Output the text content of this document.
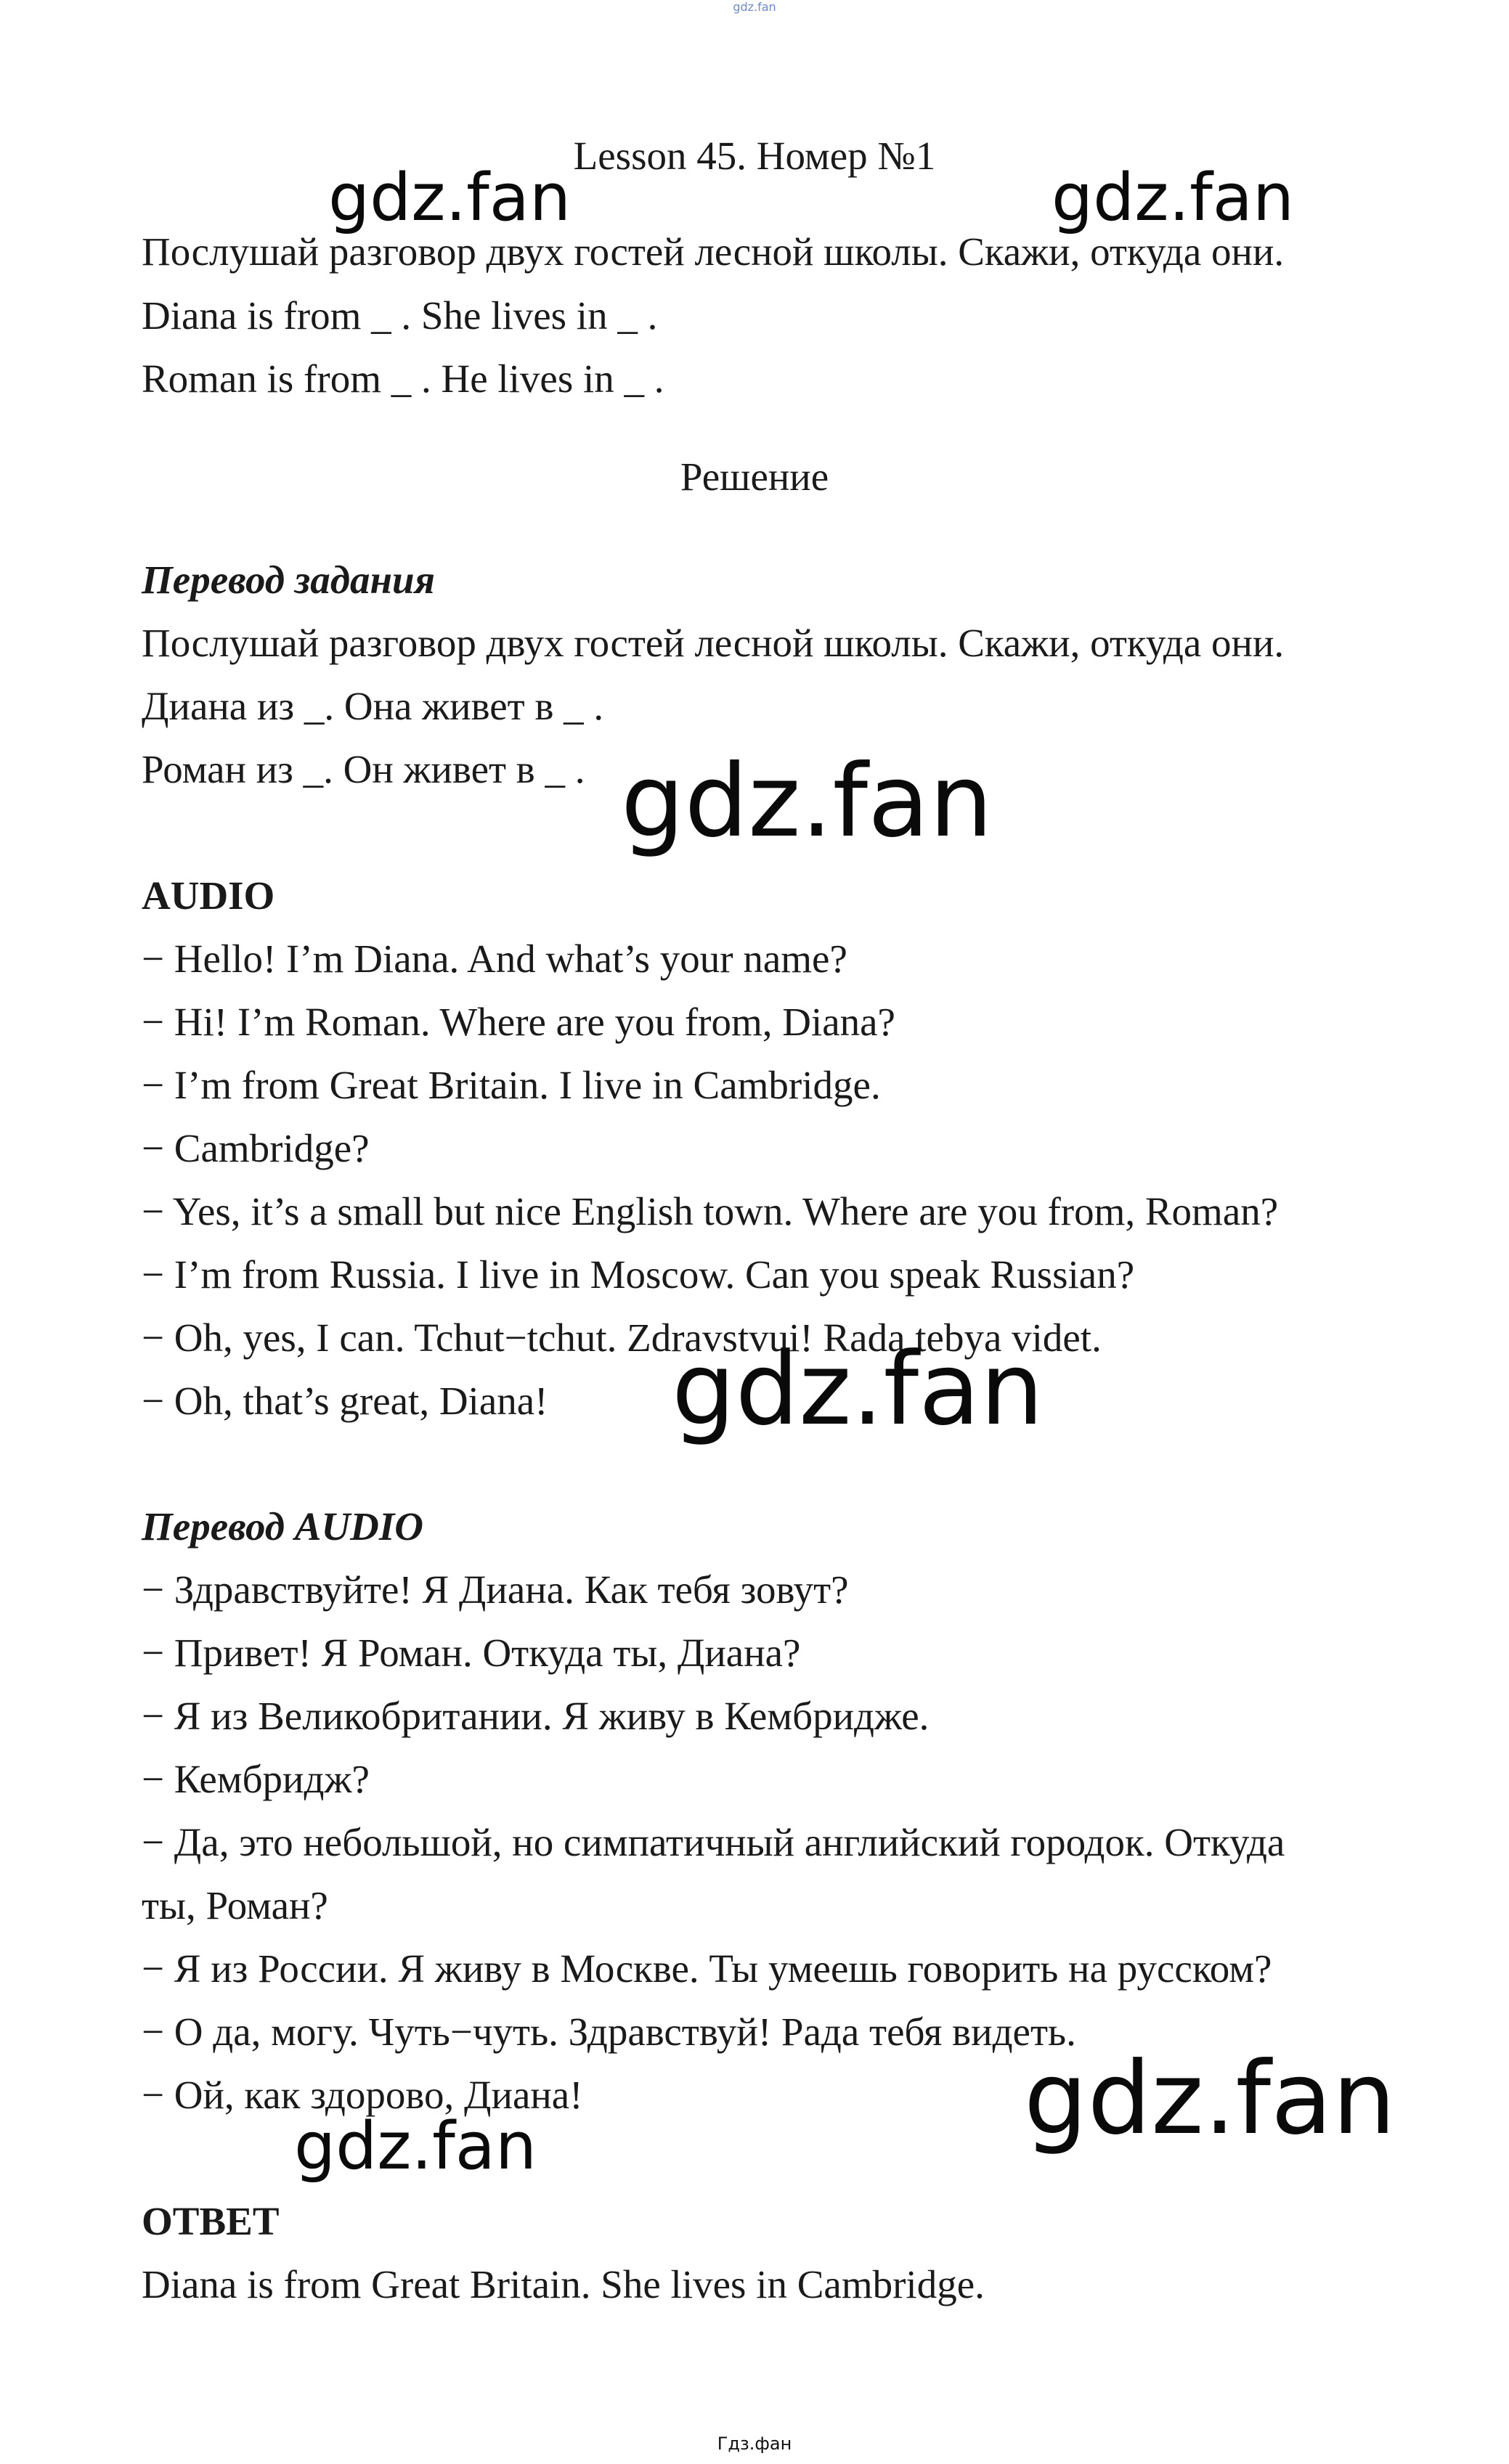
gdz.fan
Lesson 45. Номер №1
Послушай разговор двух гостей лесной школы. Скажи, откуда они.
Diana is from _ . She lives in _ .
Roman is from _ . He lives in _ .
Решение
Перевод задания
Послушай разговор двух гостей лесной школы. Скажи, откуда они.
Диана из _. Она живет в _ .
Роман из _. Он живет в _ .
AUDIO
− Hello! I’m Diana. And what’s your name?
− Hi! I’m Roman. Where are you from, Diana?
− I’m from Great Britain. I live in Cambridge.
− Cambridge?
− Yes, it’s a small but nice English town. Where are you from, Roman?
− I’m from Russia. I live in Moscow. Can you speak Russian?
− Oh, yes, I can. Tchut−tchut. Zdravstvui! Rada tebya videt.
− Oh, that’s great, Diana!
Перевод AUDIO
− Здравствуйте! Я Диана. Как тебя зовут?
− Привет! Я Роман. Откуда ты, Диана?
− Я из Великобритании. Я живу в Кембридже.
− Кембридж?
− Да, это небольшой, но симпатичный английский городок. Откуда
ты, Роман?
− Я из России. Я живу в Москве. Ты умеешь говорить на русском?
− О да, могу. Чуть−чуть. Здравствуй! Рада тебя видеть.
− Ой, как здорово, Диана!
ОТВЕТ
Diana is from Great Britain. She lives in Cambridge.
gdz.fan	gdz.fan
gdz.fan
gdz.fan
gdz.fan
gdz.fan
Гдз.фан
